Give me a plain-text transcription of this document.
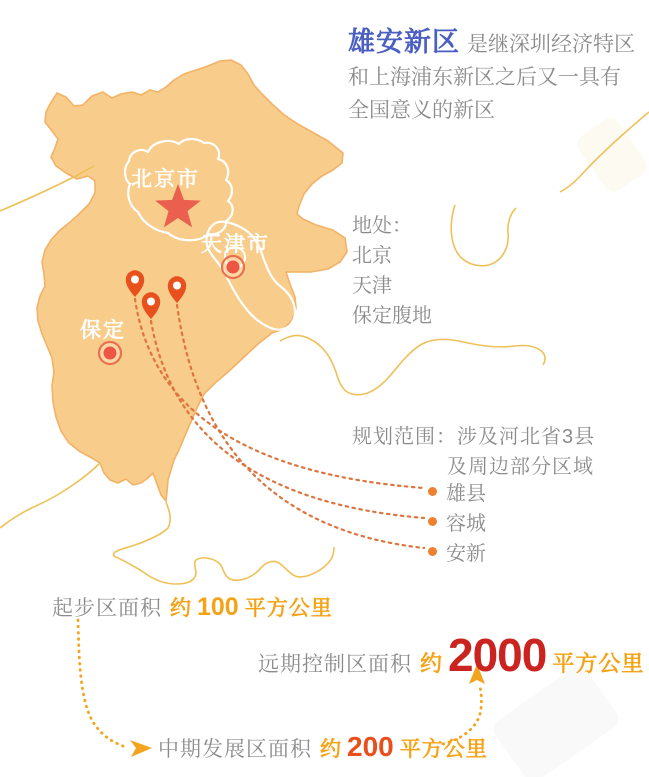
雄安新区 是继深圳经济特区和上海浦东新区之后又一具有全国意义的新区
北京市
天津市
保定
地处：
北京
天津
保定腹地
规划范围：涉及河北省3县
及周边部分区域
雄县
容城
安新
起步区面积 约 100 平方公里
远期控制区面积 约 2000 平方公里
中期发展区面积 约 200 平方公里
